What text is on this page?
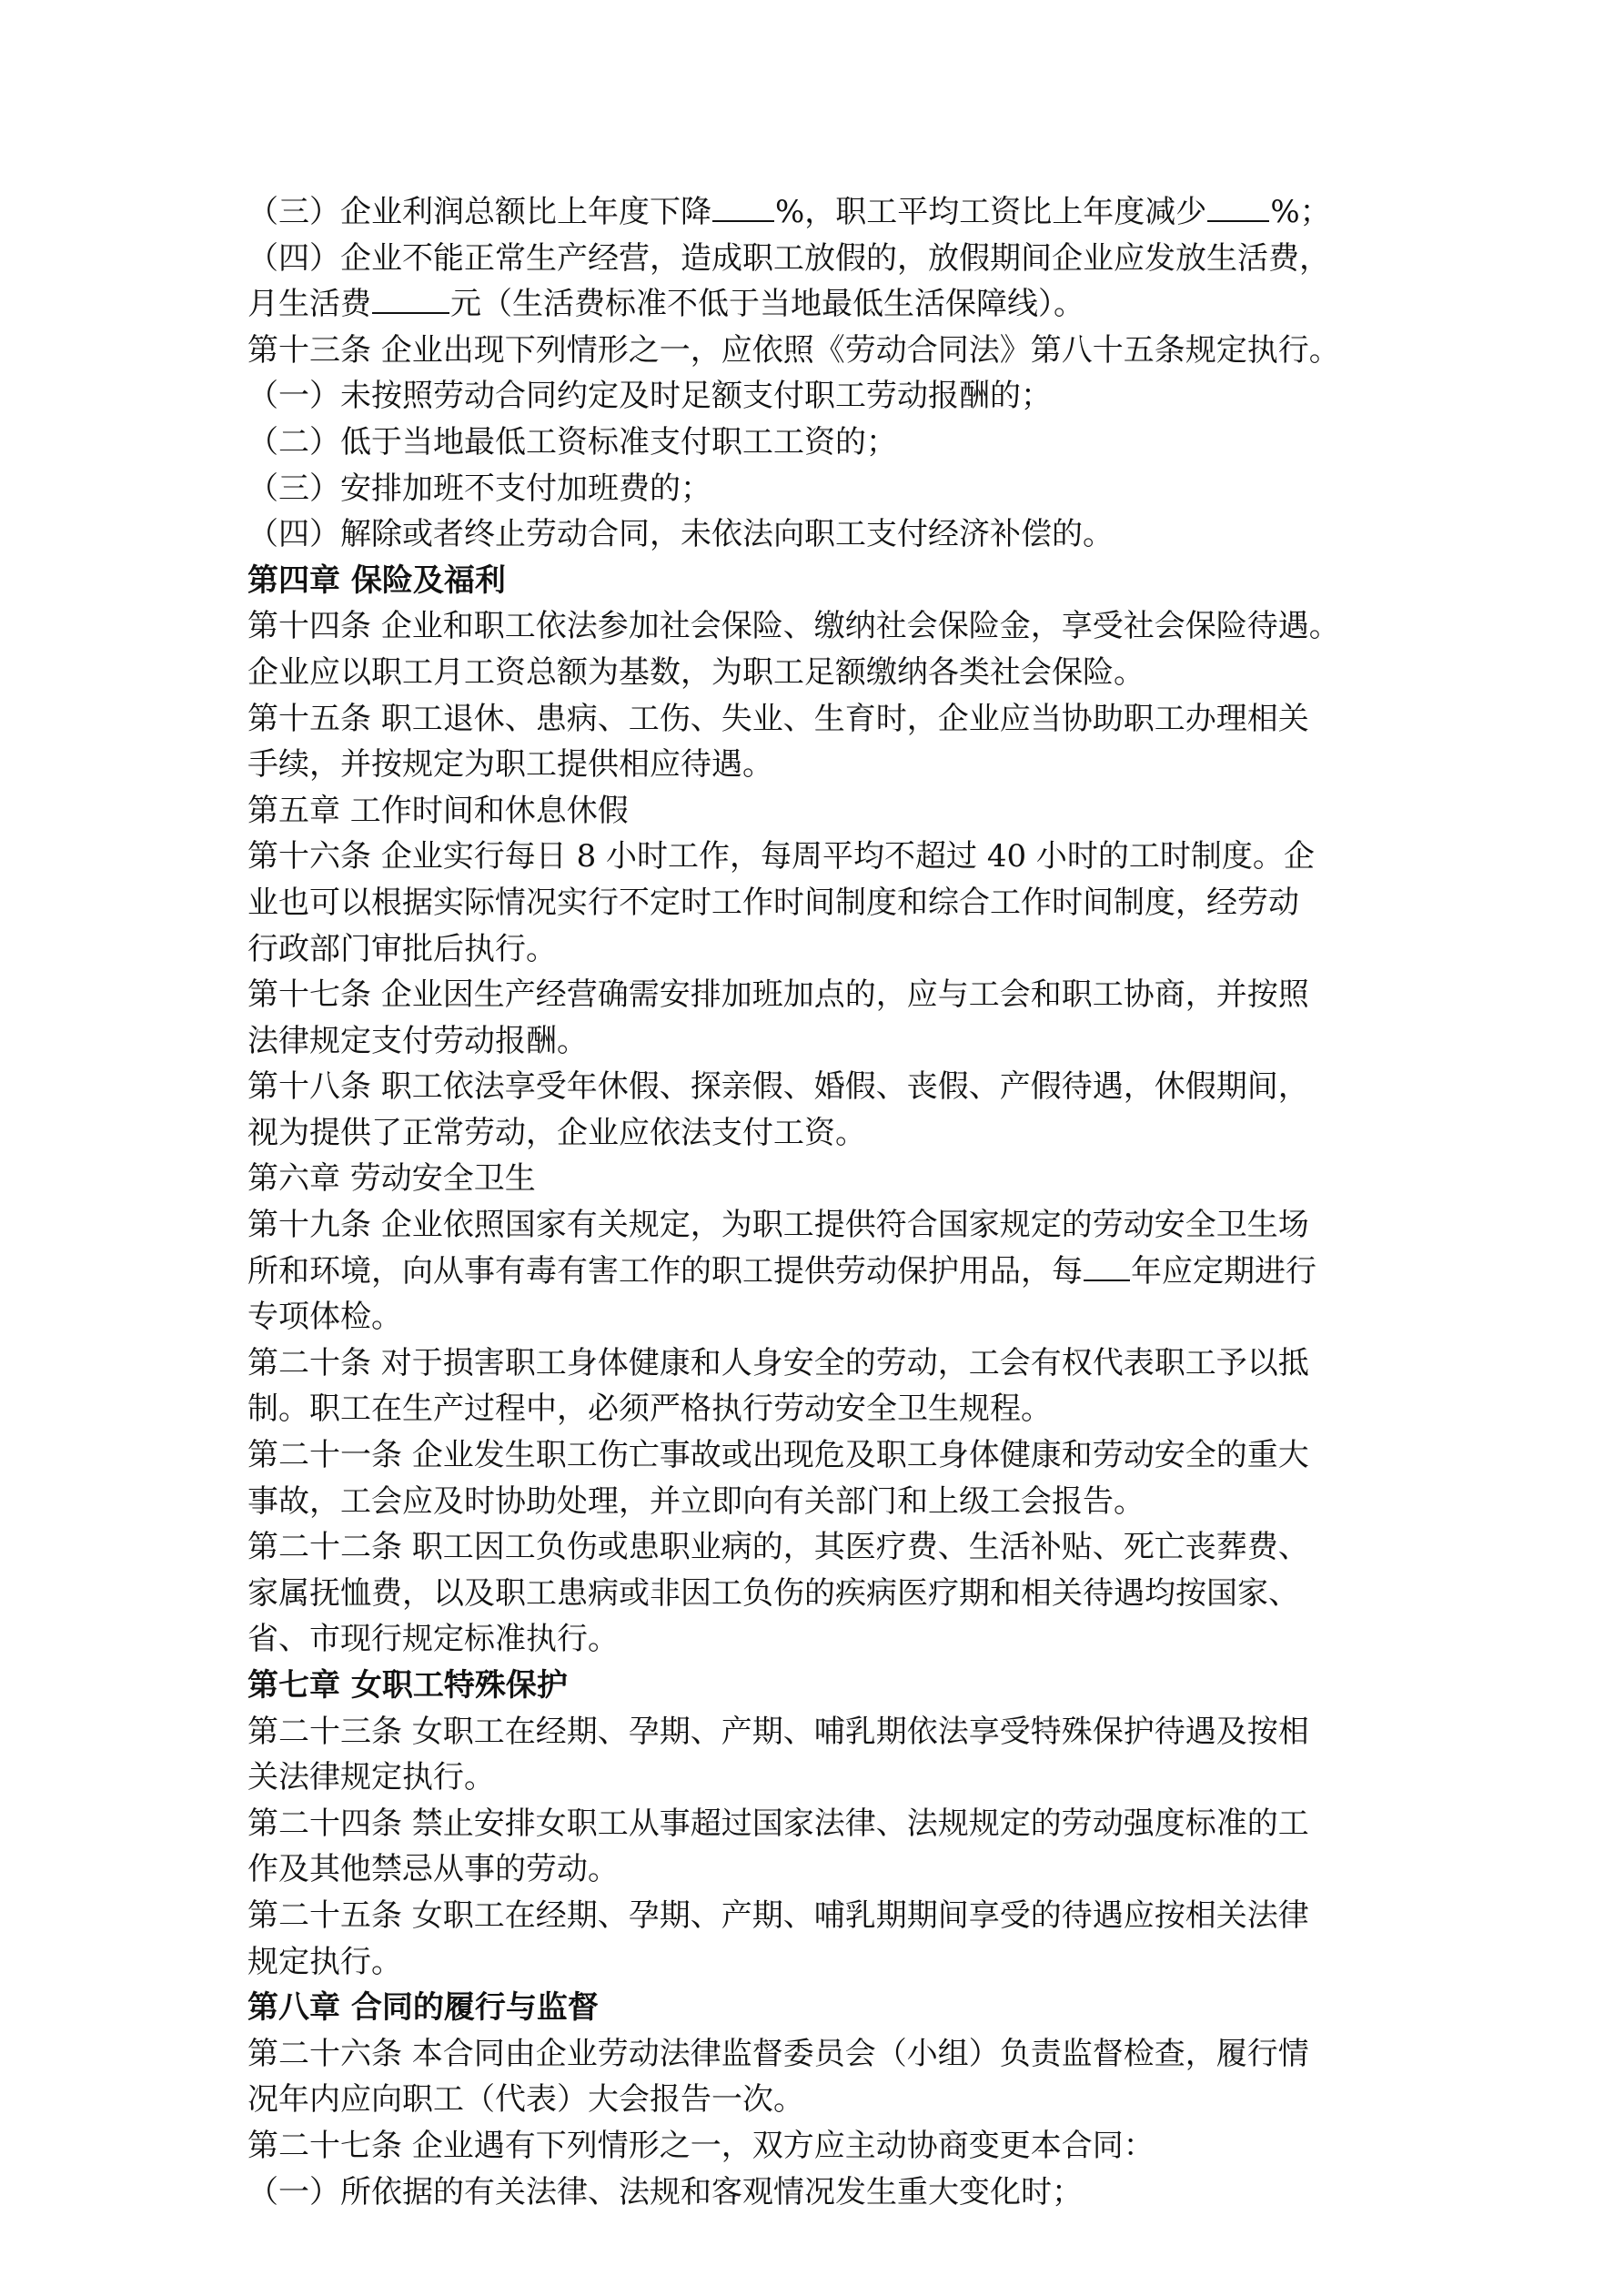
（三）企业利润总额比上年度下降 %，职工平均工资比上年度减少 %；
（四）企业不能正常生产经营，造成职工放假的，放假期间企业应发放生活费，
月生活费	元（生活费标准不低于当地最低生活保障线）。
第十三条 企业出现下列情形之一，应依照《劳动合同法》第八十五条规定执行。
（一）未按照劳动合同约定及时足额支付职工劳动报酬的；
（二）低于当地最低工资标准支付职工工资的；
（三）安排加班不支付加班费的；
（四）解除或者终止劳动合同，未依法向职工支付经济补偿的。
第四章 保险及福利
第十四条 企业和职工依法参加社会保险、缴纳社会保险金，享受社会保险待遇。
企业应以职工月工资总额为基数，为职工足额缴纳各类社会保险。
第十五条 职工退休、患病、工伤、失业、生育时，企业应当协助职工办理相关
手续，并按规定为职工提供相应待遇。
第五章 工作时间和休息休假
第十六条 企业实行每日 8 小时工作，每周平均不超过 40 小时的工时制度。企
业也可以根据实际情况实行不定时工作时间制度和综合工作时间制度，经劳动
行政部门审批后执行。
第十七条 企业因生产经营确需安排加班加点的，应与工会和职工协商，并按照
法律规定支付劳动报酬。
第十八条 职工依法享受年休假、探亲假、婚假、丧假、产假待遇，休假期间，
视为提供了正常劳动，企业应依法支付工资。
第六章 劳动安全卫生
第十九条 企业依照国家有关规定，为职工提供符合国家规定的劳动安全卫生场
所和环境，向从事有毒有害工作的职工提供劳动保护用品，每 年应定期进行
专项体检。
第二十条 对于损害职工身体健康和人身安全的劳动，工会有权代表职工予以抵
制。职工在生产过程中，必须严格执行劳动安全卫生规程。
第二十一条 企业发生职工伤亡事故或出现危及职工身体健康和劳动安全的重大
事故，工会应及时协助处理，并立即向有关部门和上级工会报告。
第二十二条 职工因工负伤或患职业病的，其医疗费、生活补贴、死亡丧葬费、
家属抚恤费，以及职工患病或非因工负伤的疾病医疗期和相关待遇均按国家、
省、市现行规定标准执行。
第七章 女职工特殊保护
第二十三条 女职工在经期、孕期、产期、哺乳期依法享受特殊保护待遇及按相
关法律规定执行。
第二十四条 禁止安排女职工从事超过国家法律、法规规定的劳动强度标准的工
作及其他禁忌从事的劳动。
第二十五条 女职工在经期、孕期、产期、哺乳期期间享受的待遇应按相关法律
规定执行。
第八章 合同的履行与监督
第二十六条 本合同由企业劳动法律监督委员会（小组）负责监督检查，履行情
况年内应向职工（代表）大会报告一次。
第二十七条 企业遇有下列情形之一，双方应主动协商变更本合同：
（一）所依据的有关法律、法规和客观情况发生重大变化时；
